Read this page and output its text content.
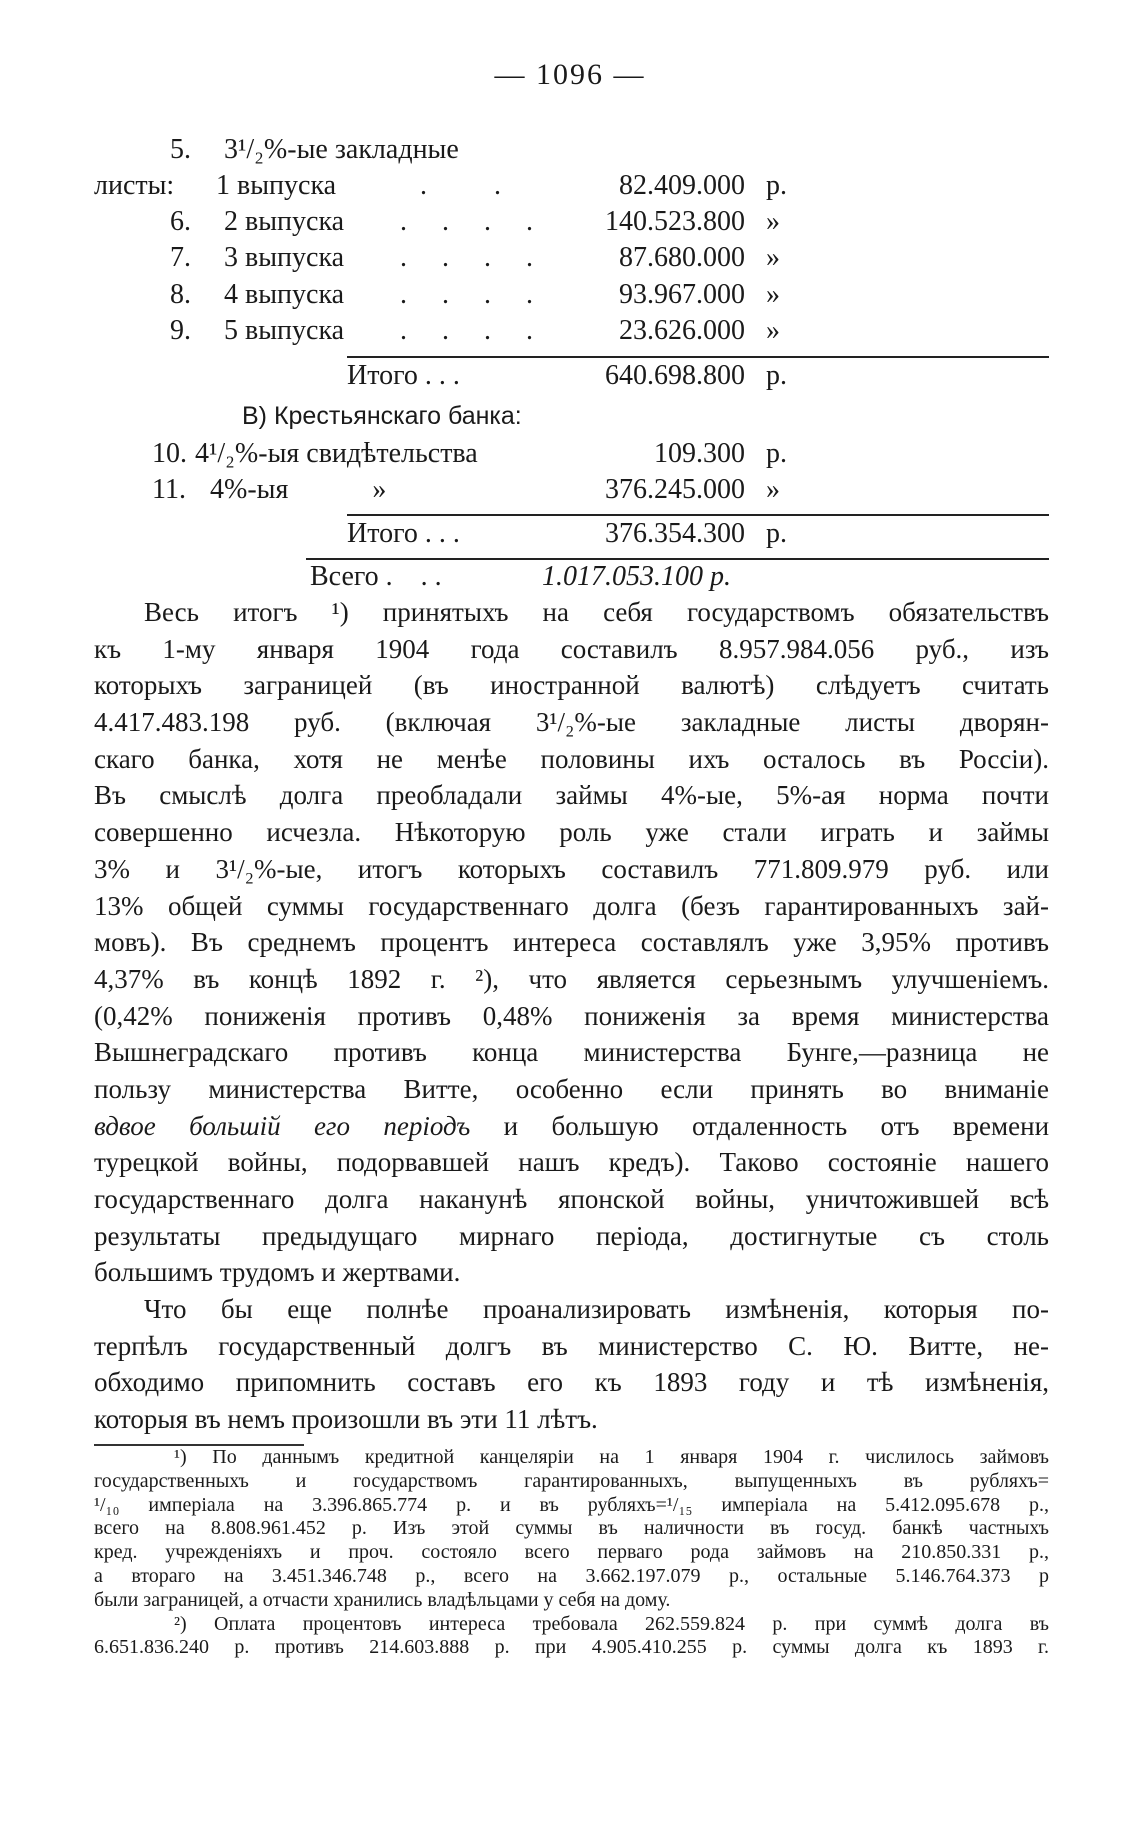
— 1096 —
5. 3¹/₂%-ые закладные
листы: 1 выпуска	. .	82.409.000 р.
6. 2 выпуска . . . . 140.523.800 »
7. 3 выпуска . . . .	87.680.000 »
8. 4 выпуска . . . .	93.967.000 »
9. 5 выпуска . . . .	23.626.000 »
Итого . . .	640.698.800 р.
В) Крестьянскаго банка:
10. 4¹/₂%-ыя свидѣтельства	109.300 р.
11. 4%-ыя            »	376.245.000 »
Итого . . .	376.354.300 р.
Всего .    . .	1.017.053.100 р.
Весь итогъ ¹) принятыхъ на себя государствомъ обязательствъ
къ 1-му января 1904 года составилъ 8.957.984.056 руб., изъ
которыхъ заграницей (въ иностранной валютѣ) слѣдуетъ считать
4.417.483.198 руб. (включая 3¹/₂%-ые закладные листы дворян-
скаго банка, хотя не менѣе половины ихъ осталось въ Россіи).
Въ смыслѣ долга преобладали займы 4%-ые, 5%-ая норма почти
совершенно исчезла. Нѣкоторую роль уже стали играть и займы
3% и 3¹/₂%-ые, итогъ которыхъ составилъ 771.809.979 руб. или
13% общей суммы государственнаго долга (безъ гарантированныхъ зай-
мовъ). Въ среднемъ процентъ интереса составлялъ уже 3,95% противъ
4,37% въ концѣ 1892 г. ²), что является серьезнымъ улучшеніемъ.
(0,42% пониженія противъ 0,48% пониженія за время министерства
Вышнеградскаго противъ конца министерства Бунге,—разница не
пользу министерства Витте, особенно если принять во вниманіе
вдвое большій его періодъ и большую отдаленность отъ времени
турецкой войны, подорвавшей нашъ кредъ). Таково состояніе нашего
государственнаго долга наканунѣ японской войны, уничтожившей всѣ
результаты предыдущаго мирнаго періода, достигнутые съ столь
большимъ трудомъ и жертвами.
Что бы еще полнѣе проанализировать измѣненія, которыя по-
терпѣлъ государственный долгъ въ министерство С. Ю. Витте, не-
обходимо припомнить составъ его къ 1893 году и тѣ измѣненія,
которыя въ немъ произошли въ эти 11 лѣтъ.
¹) По даннымъ кредитной канцеляріи на 1 января 1904 г. числилось займовъ
государственныхъ и государствомъ гарантированныхъ, выпущенныхъ въ рубляхъ=
¹/₁₀ имперіала на 3.396.865.774 р. и въ рубляхъ=¹/₁₅ имперіала на 5.412.095.678 р.,
всего на 8.808.961.452 р. Изъ этой суммы въ наличности въ госуд. банкѣ частныхъ
кред. учрежденіяхъ и проч. состояло всего перваго рода займовъ на 210.850.331 р.,
а втораго на 3.451.346.748 р., всего на 3.662.197.079 р., остальные 5.146.764.373 р
были заграницей, а отчасти хранились владѣльцами у себя на дому.
²) Оплата процентовъ интереса требовала 262.559.824 р. при суммѣ долга въ
6.651.836.240 р. противъ 214.603.888 р. при 4.905.410.255 р. суммы долга къ 1893 г.
